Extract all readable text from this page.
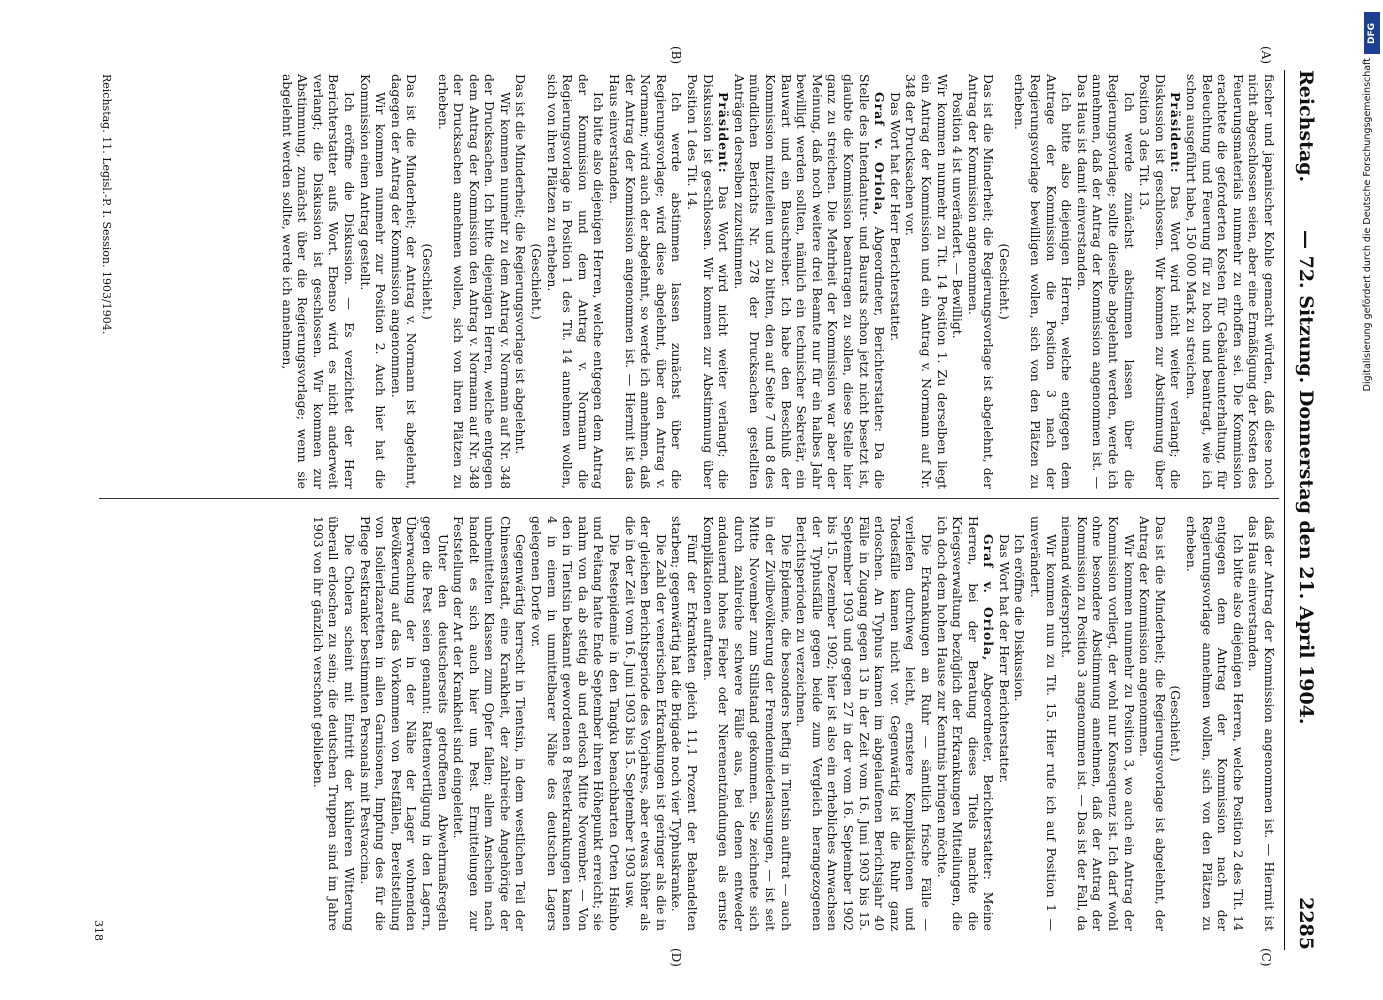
Reichstag.
— 72. Sitzung. Donnerstag den 21. April 1904.
2285
(A)
(B)
(C)
(D)

fischer und japanischer Kohle gemacht würden, daß diese noch nicht abgeschlossen seien, aber eine Ermäßigung der Kosten des Feuerungsmaterials nunmehr zu erhoffen sei. Die Kommission erachtete die geforderten Kosten für Gebäudeunterhaltung, für Beleuchtung und Feuerung für zu hoch und beantragt, wie ich schon ausgeführt habe, 150 000 Mark zu streichen.

Präsident: Das Wort wird nicht weiter verlangt; die Diskussion ist geschlossen. Wir kommen zur Abstimmung über Position 3 des Tit. 13.

Ich werde zunächst abstimmen lassen über die Regierungsvorlage; sollte dieselbe abgelehnt werden, werde ich annehmen, daß der Antrag der Kommission angenommen ist. — Das Haus ist damit einverstanden.

Ich bitte also diejenigen Herren, welche entgegen dem Antrage der Kommission die Position 3 nach der Regierungsvorlage bewilligen wollen, sich von den Plätzen zu erheben.

(Geschieht.)

Das ist die Minderheit; die Regierungsvorlage ist abgelehnt, der Antrag der Kommission angenommen.

Position 4 ist unverändert. — Bewilligt.

Wir kommen nunmehr zu Tit. 14 Position 1. Zu derselben liegt ein Antrag der Kommission und ein Antrag v. Normann auf Nr. 348 der Drucksachen vor.

Das Wort hat der Herr Berichterstatter.

Graf v. Oriola, Abgeordneter, Berichterstatter: Da die Stelle des Intendantur- und Baurats schon jetzt nicht besetzt ist, glaubte die Kommission beantragen zu sollen, diese Stelle hier ganz zu streichen. Die Mehrheit der Kommission war aber der Meinung, daß noch weitere drei Beamte nur für ein halbes Jahr bewilligt werden sollten, nämlich ein technischer Sekretär, ein Bauwart und ein Bauschreiber. Ich habe den Beschluß der Kommission mitzuteilen und zu bitten, den auf Seite 7 und 8 des mündlichen Berichts Nr. 278 der Drucksachen gestellten Anträgen derselben zuzustimmen.

Präsident: Das Wort wird nicht weiter verlangt; die Diskussion ist geschlossen. Wir kommen zur Abstimmung über Position 1 des Tit. 14.

Ich werde abstimmen lassen zunächst über die Regierungsvorlage; wird diese abgelehnt, über den Antrag v. Normann; wird auch der abgelehnt, so werde ich annehmen, daß der Antrag der Kommission angenommen ist. — Hiermit ist das Haus einverstanden.

Ich bitte also diejenigen Herren, welche entgegen dem Antrag der Kommission und dem Antrag v. Normann die Regierungsvorlage in Position 1 des Tit. 14 annehmen wollen, sich von ihren Plätzen zu erheben.

(Geschieht.)

Das ist die Minderheit; die Regierungsvorlage ist abgelehnt.

Wir kommen nunmehr zu dem Antrag v. Normann auf Nr. 348 der Drucksachen. Ich bitte diejenigen Herren, welche entgegen dem Antrag der Kommission den Antrag v. Normann auf Nr. 348 der Drucksachen annehmen wollen, sich von ihren Plätzen zu erheben.

(Geschieht.)

Das ist die Minderheit; der Antrag v. Normann ist abgelehnt, dagegen der Antrag der Kommission angenommen.

Wir kommen nunmehr zur Position 2. Auch hier hat die Kommission einen Antrag gestellt.

Ich eröffne die Diskussion. — Es verzichtet der Herr Berichterstatter aufs Wort. Ebenso wird es nicht anderweit verlangt; die Diskussion ist geschlossen. Wir kommen zur Abstimmung, zunächst über die Regierungsvorlage; wenn sie abgelehnt werden sollte, werde ich annehmen,

daß der Antrag der Kommission angenommen ist. — Hiermit ist das Haus einverstanden.

Ich bitte also diejenigen Herren, welche Position 2 des Tit. 14 entgegen dem Antrag der Kommission nach der Regierungsvorlage annehmen wollen, sich von den Plätzen zu erheben.

(Geschieht.)

Das ist die Minderheit; die Regierungsvorlage ist abgelehnt, der Antrag der Kommission angenommen.

Wir kommen nunmehr zu Position 3, wo auch ein Antrag der Kommission vorliegt, der wohl nur Konsequenz ist. Ich darf wohl ohne besondere Abstimmung annehmen, daß der Antrag der Kommission zu Position 3 angenommen ist. — Das ist der Fall, da niemand widerspricht.

Wir kommen nun zu Tit. 15. Hier rufe ich auf Position 1 — unverändert.

Ich eröffne die Diskussion.

Das Wort hat der Herr Berichterstatter.

Graf v. Oriola, Abgeordneter, Berichterstatter: Meine Herren, bei der Beratung dieses Titels machte die Kriegsverwaltung bezüglich der Erkrankungen Mitteilungen, die ich doch dem hohen Hause zur Kenntnis bringen möchte.

Die Erkrankungen an Ruhr — sämtlich frische Fälle — verliefen durchweg leicht, ernstere Komplikationen und Todesfälle kamen nicht vor. Gegenwärtig ist die Ruhr ganz erloschen. An Typhus kamen im abgelaufenen Berichtsjahr 40 Fälle in Zugang gegen 13 in der Zeit vom 16. Juni 1903 bis 15. September 1903 und gegen 27 in der vom 16. September 1902 bis 15. Dezember 1902; hier ist also ein erhebliches Anwachsen der Typhusfälle gegen beide zum Vergleich herangezogenen Berichtsperioden zu verzeichnen.

Die Epidemie, die besonders heftig in Tientsin auftrat — auch in der Zivilbevölkerung der Fremdenniederlassungen, — ist seit Mitte November zum Stillstand gekommen. Sie zeichnete sich durch zahlreiche schwere Fälle aus, bei denen entweder andauernd hohes Fieber oder Nierenentzündungen als ernste Komplikationen auftraten.

Fünf der Erkrankten gleich 11,1 Prozent der Behandelten starben; gegenwärtig hat die Brigade noch vier Typhuskranke.

Die Zahl der venerischen Erkrankungen ist geringer als die in der gleichen Berichtsperiode des Vorjahres, aber etwas höher als die in der Zeit vom 16. Juni 1903 bis 15. September 1903 usw.

Die Pestepidemie in den Tangku benachbarten Orten Hsinho und Peitang hatte Ende September ihren Höhepunkt erreicht; sie nahm von da ab stetig ab und erlosch Mitte November. — Von den in Tientsin bekannt gewordenen 8 Pesterkrankungen kamen 4 in einem in unmittelbarer Nähe des deutschen Lagers gelegenen Dorfe vor.

Gegenwärtig herrscht in Tientsin, in dem westlichen Teil der Chinesenstadt, eine Krankheit, der zahlreiche Angehörige der unbemittelten Klassen zum Opfer fallen; allem Anschein nach handelt es sich auch hier um Pest. Ermittelungen zur Feststellung der Art der Krankheit sind eingeleitet.

Unter den deutscherseits getroffenen Abwehrmaßregeln gegen die Pest seien genannt: Rattenvertilgung in den Lagern, Überwachung der in der Nähe der Lager wohnenden Bevölkerung auf das Vorkommen von Pestfällen, Bereitstellung von Isolierlazaretten in allen Garnisonen, Impfung des für die Pflege Pestkranker bestimmten Personals mit Pestvaccina.

Die Cholera scheint mit Eintritt der kühleren Witterung überall erloschen zu sein; die deutschen Truppen sind im Jahre 1903 von ihr gänzlich verschont geblieben.

Reichstag. 11. Legisl.-P. I. Session. 1903/1904.
318
DFG
Digitalisierung gefördert durch die Deutsche Forschungsgemeinschaft
